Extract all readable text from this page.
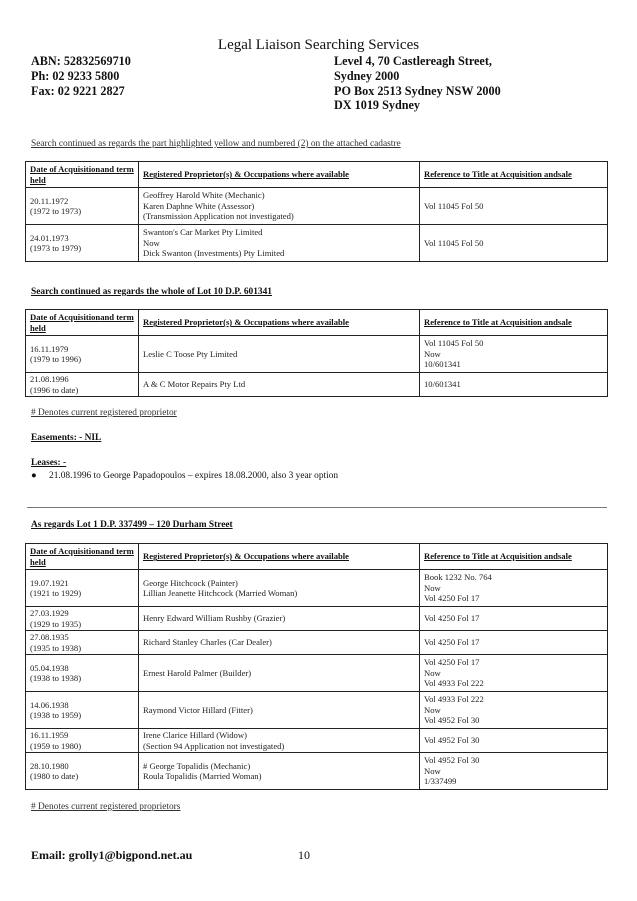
Legal Liaison Searching Services
ABN: 52832569710
Ph: 02 9233 5800
Fax: 02 9221 2827
Level 4, 70 Castlereagh Street,
Sydney 2000
PO Box 2513 Sydney NSW 2000
DX 1019 Sydney
Search continued as regards the part highlighted yellow and numbered (2) on the attached cadastre
Date of Acquisitionand term held	Registered Proprietor(s) & Occupations where available	Reference to Title at Acquisition andsale

20.11.1972
(1972 to 1973)	Geoffrey Harold White (Mechanic)
Karen Daphne White (Assessor)
(Transmission Application not investigated)	Vol 11045 Fol 50

24.01.1973
(1973 to 1979)	Swanton's Car Market Pty Limited
Now
Dick Swanton (Investments) Pty Limited	Vol 11045 Fol 50
Search continued as regards the whole of Lot 10 D.P. 601341
Date of Acquisitionand term held	Registered Proprietor(s) & Occupations where available	Reference to Title at Acquisition andsale

16.11.1979
(1979 to 1996)	Leslie C Toose Pty Limited	Vol 11045 Fol 50
Now
10/601341

21.08.1996
(1996 to date)	A & C Motor Repairs Pty Ltd	10/601341
# Denotes current registered proprietor
Easements: - NIL
Leases: -
● 21.08.1996 to George Papadopoulos – expires 18.08.2000, also 3 year option
As regards Lot 1 D.P. 337499 – 120 Durham Street
Date of Acquisitionand term held	Registered Proprietor(s) & Occupations where available	Reference to Title at Acquisition andsale

19.07.1921
(1921 to 1929)	George Hitchcock (Painter)
Lillian Jeanette Hitchcock (Married Woman)	Book 1232 No. 764
Now
Vol 4250 Fol 17

27.03.1929
(1929 to 1935)	Henry Edward William Rushby (Grazier)	Vol 4250 Fol 17

27.08.1935
(1935 to 1938)	Richard Stanley Charles (Car Dealer)	Vol 4250 Fol 17

05.04.1938
(1938 to 1938)	Ernest Harold Palmer (Builder)	Vol 4250 Fol 17
Now
Vol 4933 Fol 222

14.06.1938
(1938 to 1959)	Raymond Victor Hillard (Fitter)	Vol 4933 Fol 222
Now
Vol 4952 Fol 30

16.11.1959
(1959 to 1980)	Irene Clarice Hillard (Widow)
(Section 94 Application not investigated)	Vol 4952 Fol 30

28.10.1980
(1980 to date)	# George Topalidis (Mechanic)
Roula Topalidis (Married Woman)	Vol 4952 Fol 30
Now
1/337499
# Denotes current registered proprietors
Email: grolly1@bigpond.net.au	10
